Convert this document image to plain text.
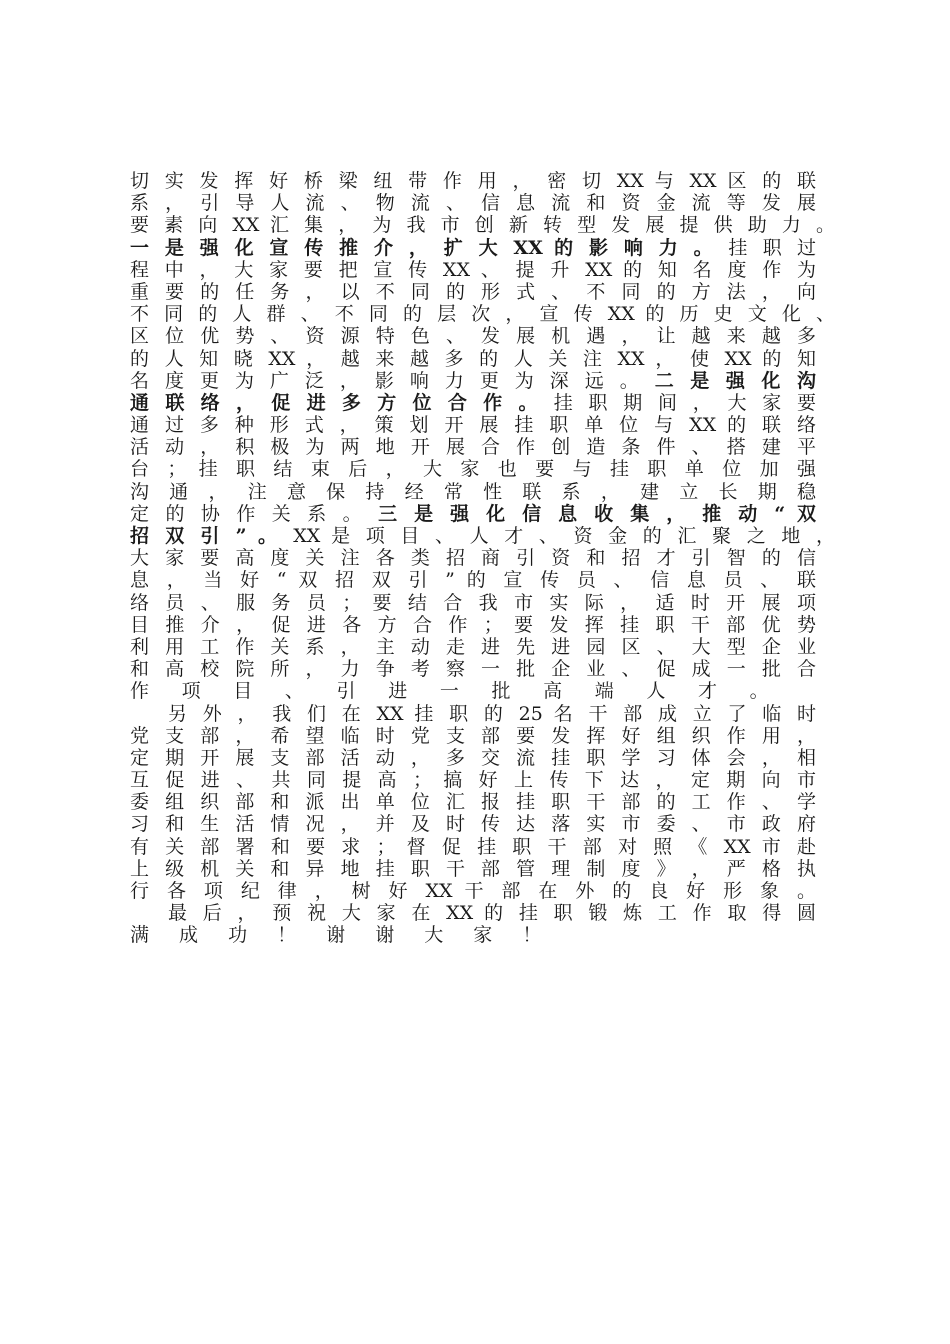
切 实 发 挥 好 桥 梁 纽 带 作 用 ， 密 切 XX 与 XX 区 的 联
系 ， 引 导 人 流 、 物 流 、 信 息 流 和 资 金 流 等 发 展
要 素 向 XX 汇 集 ， 为 我 市 创 新 转 型 发 展 提 供 助 力 。
一 是 强 化 宣 传 推 介 ， 扩 大 XX 的 影 响 力 。 挂 职 过
程 中 ， 大 家 要 把 宣 传 XX 、 提 升 XX 的 知 名 度 作 为
重 要 的 任 务 ， 以 不 同 的 形 式 、 不 同 的 方 法 ， 向
不 同 的 人 群 、 不 同 的 层 次 ， 宣 传 XX 的 历 史 文 化 、
区 位 优 势 、 资 源 特 色 、 发 展 机 遇 ， 让 越 来 越 多
的 人 知 晓 XX ， 越 来 越 多 的 人 关 注 XX ， 使 XX 的 知
名 度 更 为 广 泛 ， 影 响 力 更 为 深 远 。 二 是 强 化 沟
通 联 络 ， 促 进 多 方 位 合 作 。 挂 职 期 间 ， 大 家 要
通 过 多 种 形 式 ， 策 划 开 展 挂 职 单 位 与 XX 的 联 络
活 动 ， 积 极 为 两 地 开 展 合 作 创 造 条 件 、 搭 建 平
台 ； 挂 职 结 束 后 ， 大 家 也 要 与 挂 职 单 位 加 强
沟 通 ， 注 意 保 持 经 常 性 联 系 ， 建 立 长 期 稳
定 的 协 作 关 系 。 三 是 强 化 信 息 收 集 ， 推 动 “ 双
招 双 引 ” 。 XX 是 项 目 、 人 才 、 资 金 的 汇 聚 之 地 ，
大 家 要 高 度 关 注 各 类 招 商 引 资 和 招 才 引 智 的 信
息 ， 当 好 “ 双 招 双 引 ” 的 宣 传 员 、 信 息 员 、 联
络 员 、 服 务 员 ； 要 结 合 我 市 实 际 ， 适 时 开 展 项
目 推 介 ， 促 进 各 方 合 作 ； 要 发 挥 挂 职 干 部 优 势
利 用 工 作 关 系 ， 主 动 走 进 先 进 园 区 、 大 型 企 业
和 高 校 院 所 ， 力 争 考 察 一 批 企 业 、 促 成 一 批 合
作 项 目 、 引 进 一 批 高 端 人 才 。
另 外 ， 我 们 在 XX 挂 职 的 25 名 干 部 成 立 了 临 时
党 支 部 ， 希 望 临 时 党 支 部 要 发 挥 好 组 织 作 用 ，
定 期 开 展 支 部 活 动 ， 多 交 流 挂 职 学 习 体 会 ， 相
互 促 进 、 共 同 提 高 ； 搞 好 上 传 下 达 ， 定 期 向 市
委 组 织 部 和 派 出 单 位 汇 报 挂 职 干 部 的 工 作 、 学
习 和 生 活 情 况 ， 并 及 时 传 达 落 实 市 委 、 市 政 府
有 关 部 署 和 要 求 ； 督 促 挂 职 干 部 对 照 《 XX 市 赴
上 级 机 关 和 异 地 挂 职 干 部 管 理 制 度 》 ， 严 格 执
行 各 项 纪 律 ， 树 好 XX 干 部 在 外 的 良 好 形 象 。
最 后 ， 预 祝 大 家 在 XX 的 挂 职 锻 炼 工 作 取 得 圆
满 成 功 ！ 谢 谢 大 家 ！
